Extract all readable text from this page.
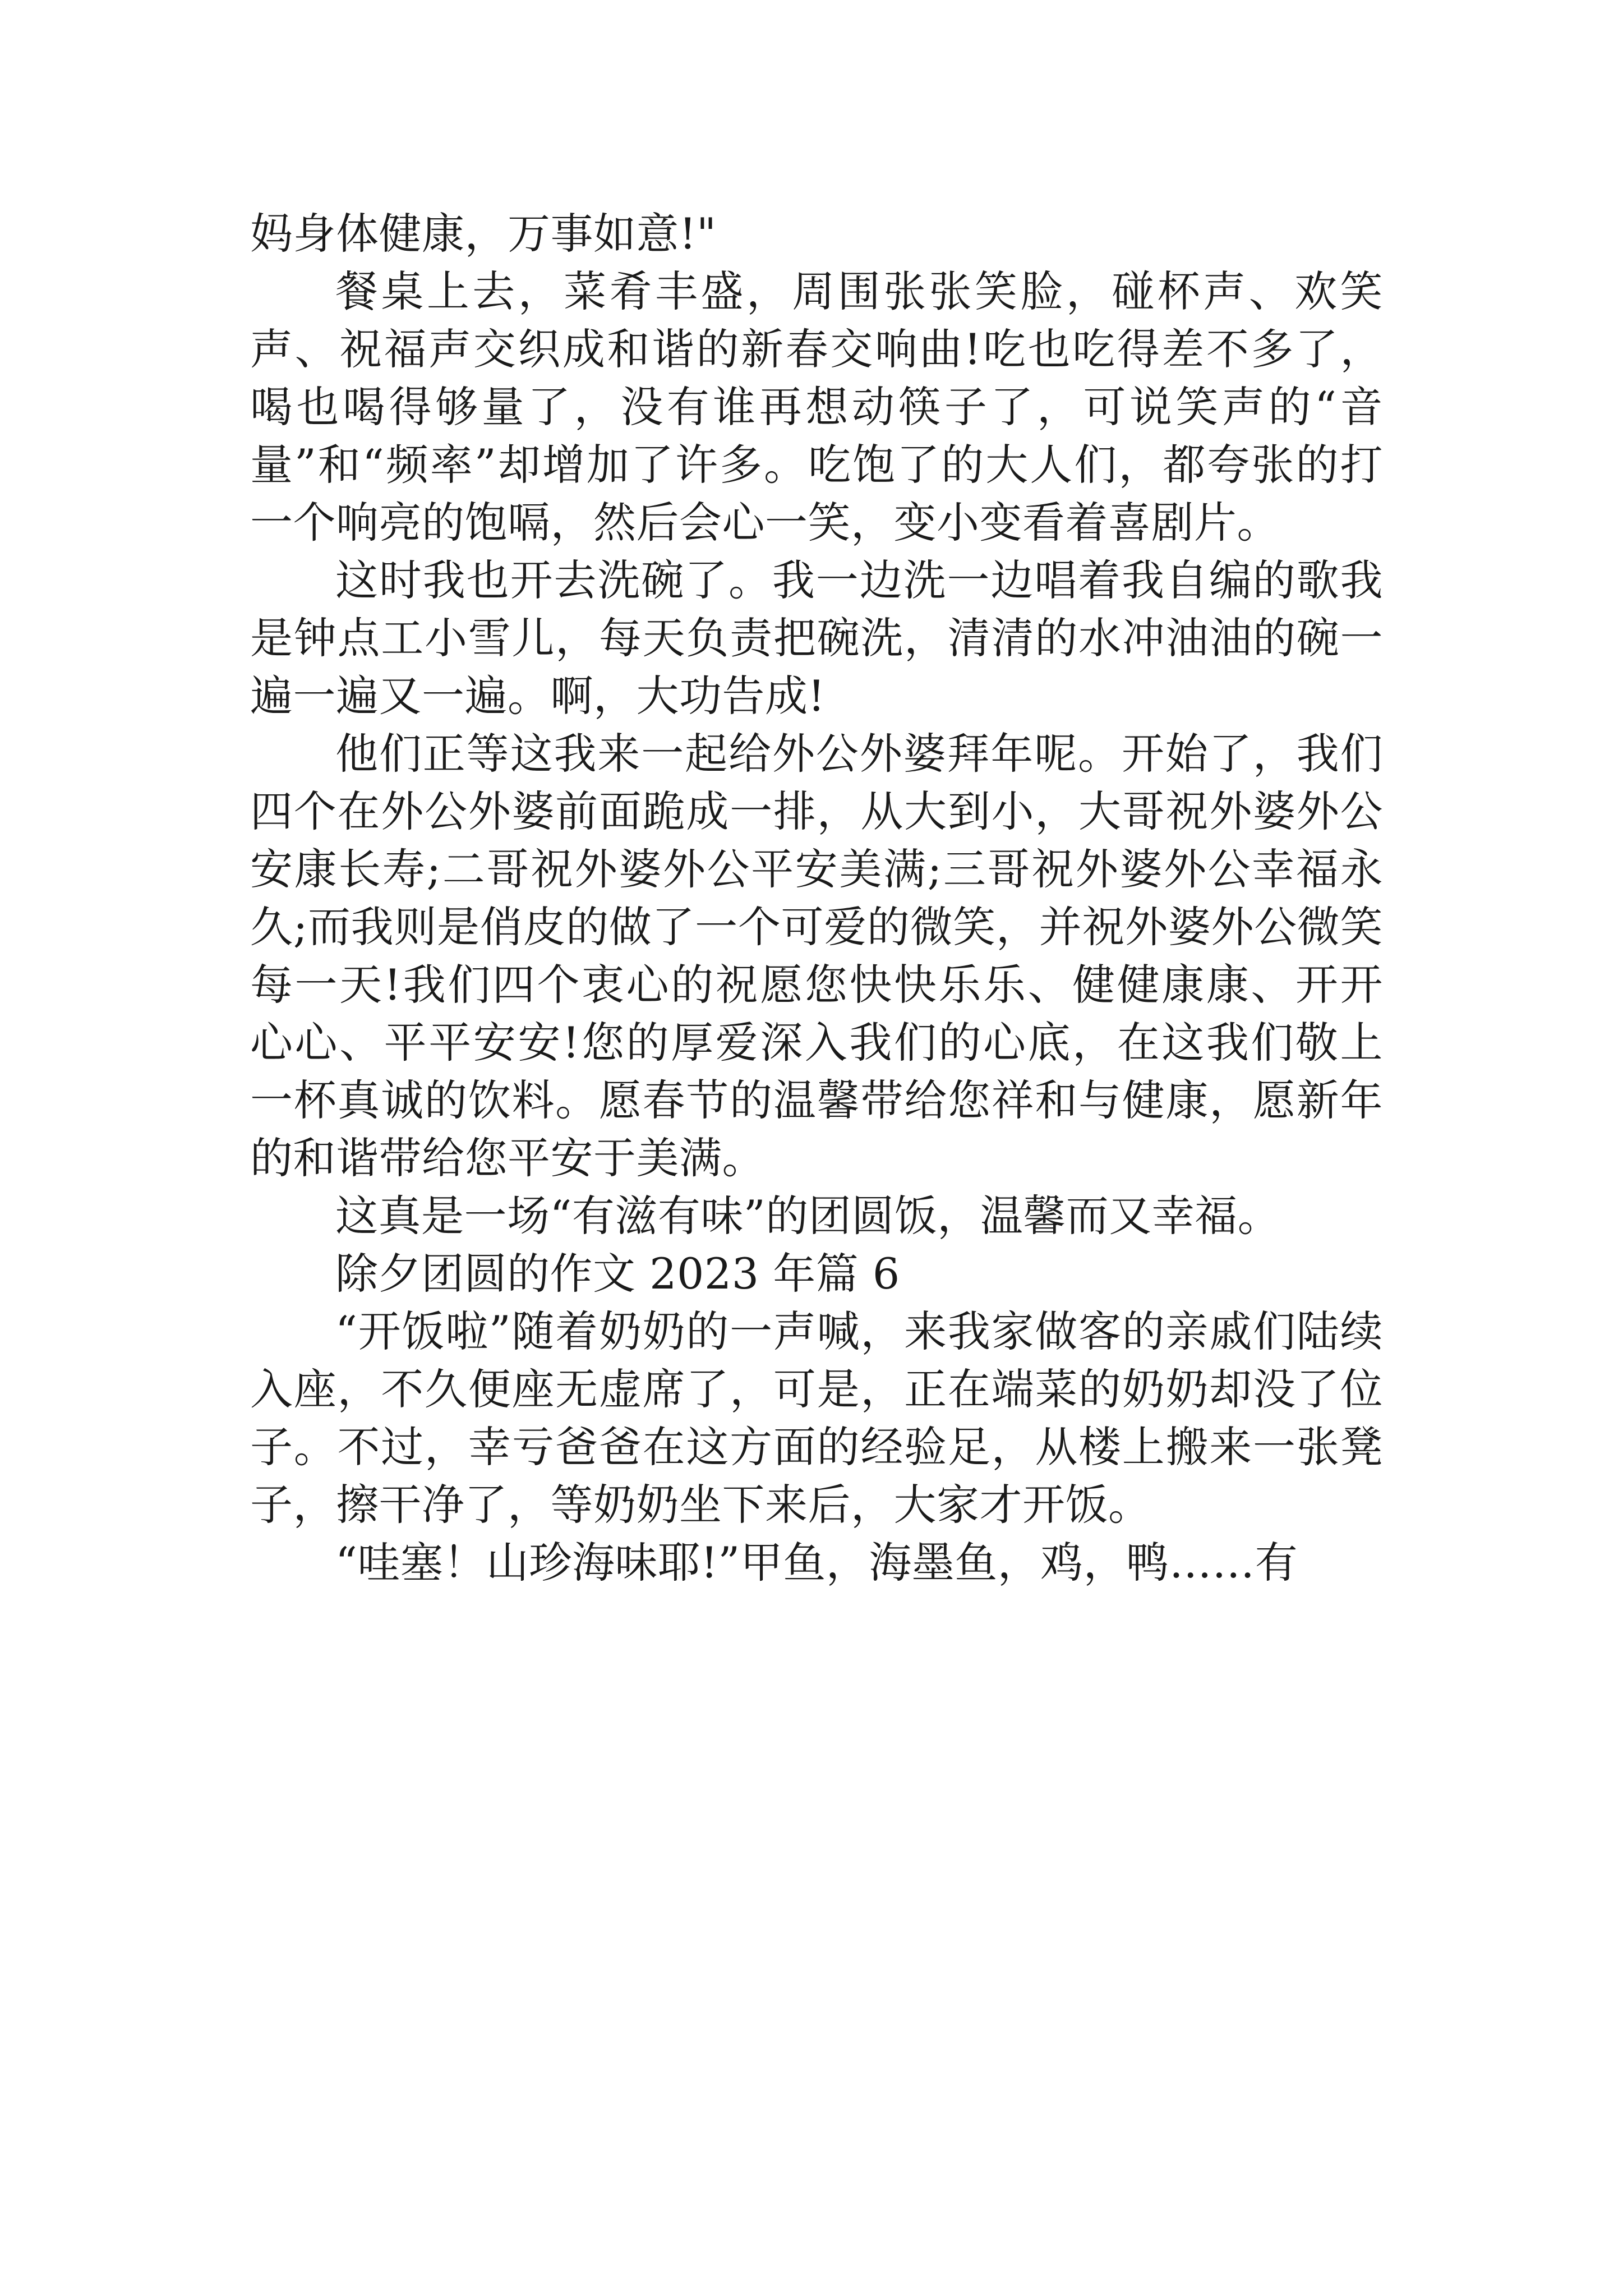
妈身体健康，万事如意!"

餐桌上去，菜肴丰盛，周围张张笑脸，碰杯声、欢笑声、祝福声交织成和谐的新春交响曲!吃也吃得差不多了，喝也喝得够量了，没有谁再想动筷子了，可说笑声的“音量”和“频率”却增加了许多。吃饱了的大人们，都夸张的打一个响亮的饱嗝，然后会心一笑，变小变看着喜剧片。

这时我也开去洗碗了。我一边洗一边唱着我自编的歌我是钟点工小雪儿，每天负责把碗洗，清清的水冲油油的碗一遍一遍又一遍。啊，大功告成!

他们正等这我来一起给外公外婆拜年呢。开始了，我们四个在外公外婆前面跪成一排，从大到小，大哥祝外婆外公安康长寿;二哥祝外婆外公平安美满;三哥祝外婆外公幸福永久;而我则是俏皮的做了一个可爱的微笑，并祝外婆外公微笑每一天!我们四个衷心的祝愿您快快乐乐、健健康康、开开心心、平平安安!您的厚爱深入我们的心底，在这我们敬上一杯真诚的饮料。愿春节的温馨带给您祥和与健康，愿新年的和谐带给您平安于美满。

这真是一场“有滋有味”的团圆饭，温馨而又幸福。

除夕团圆的作文 2023 年篇 6

“开饭啦”随着奶奶的一声喊，来我家做客的亲戚们陆续入座，不久便座无虚席了，可是，正在端菜的奶奶却没了位子。不过，幸亏爸爸在这方面的经验足，从楼上搬来一张凳子，擦干净了，等奶奶坐下来后，大家才开饭。

“哇塞！山珍海味耶!”甲鱼，海墨鱼，鸡，鸭……有
